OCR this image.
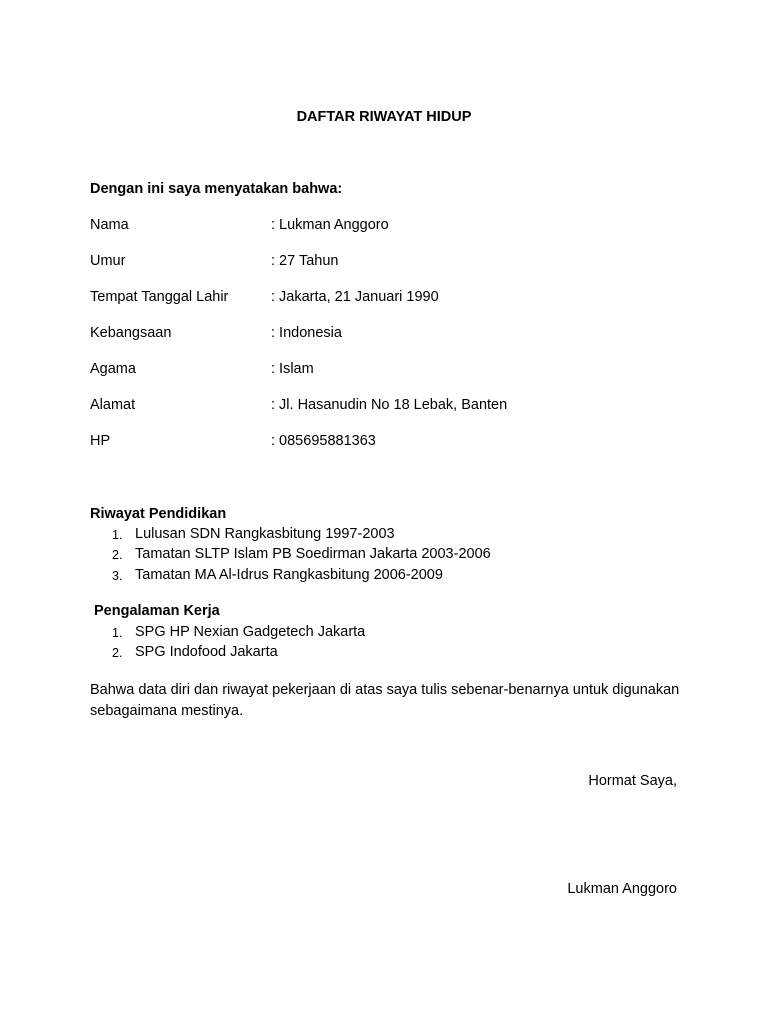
DAFTAR RIWAYAT HIDUP
Dengan ini saya menyatakan bahwa:
Nama	: Lukman Anggoro
Umur	: 27 Tahun
Tempat Tanggal Lahir	: Jakarta, 21 Januari 1990
Kebangsaan	: Indonesia
Agama	: Islam
Alamat	: Jl. Hasanudin No 18 Lebak, Banten
HP	: 085695881363
Riwayat Pendidikan
1. Lulusan SDN Rangkasbitung 1997-2003
2. Tamatan SLTP Islam PB Soedirman Jakarta 2003-2006
3. Tamatan MA Al-Idrus Rangkasbitung 2006-2009
Pengalaman Kerja
1. SPG HP Nexian Gadgetech Jakarta
2. SPG Indofood Jakarta
Bahwa data diri dan riwayat pekerjaan di atas saya tulis sebenar-benarnya untuk digunakan sebagaimana mestinya.
Hormat Saya,
Lukman Anggoro
